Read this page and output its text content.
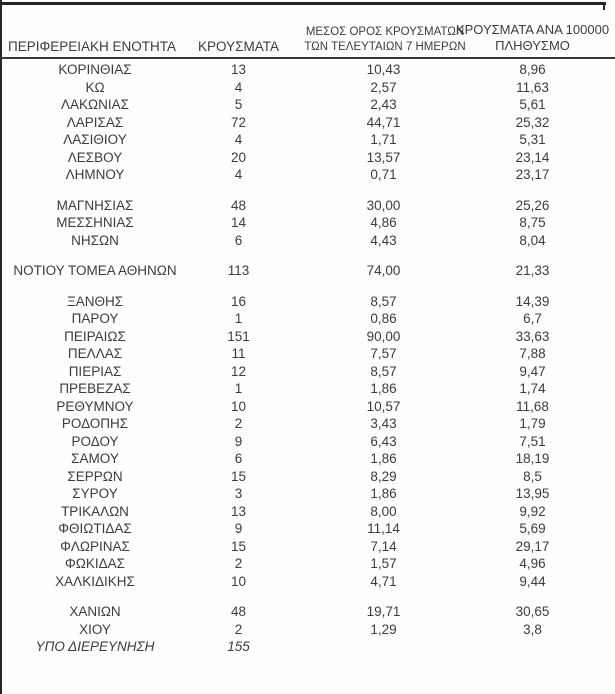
ΠΕΡΙΦΕΡΕΙΑΚΗ ΕΝΟΤΗΤΑ	ΚΡΟΥΣΜΑΤΑ
ΜΕΣΟΣ ΟΡΟΣ ΚΡΟΥΣΜΑΤΩΝ
ΤΩΝ ΤΕΛΕΥΤΑΙΩΝ 7 ΗΜΕΡΩΝ
ΚΡΟΥΣΜΑΤΑ ΑΝΑ 100000
ΠΛΗΘΥΣΜΟ
ΚΟΡΙΝΘΙΑΣ	13	10,43	8,96
ΚΩ	4	2,57	11,63
ΛΑΚΩΝΙΑΣ	5	2,43	5,61
ΛΑΡΙΣΑΣ	72	44,71	25,32
ΛΑΣΙΘΙΟΥ	4	1,71	5,31
ΛΕΣΒΟΥ	20	13,57	23,14
ΛΗΜΝΟΥ	4	0,71	23,17
ΜΑΓΝΗΣΙΑΣ	48	30,00	25,26
ΜΕΣΣΗΝΙΑΣ	14	4,86	8,75
ΝΗΣΩΝ	6	4,43	8,04
ΝΟΤΙΟΥ ΤΟΜΕΑ ΑΘΗΝΩΝ	113	74,00	21,33
ΞΑΝΘΗΣ	16	8,57	14,39
ΠΑΡΟΥ	1	0,86	6,7
ΠΕΙΡΑΙΩΣ	151	90,00	33,63
ΠΕΛΛΑΣ	11	7,57	7,88
ΠΙΕΡΙΑΣ	12	8,57	9,47
ΠΡΕΒΕΖΑΣ	1	1,86	1,74
ΡΕΘΥΜΝΟΥ	10	10,57	11,68
ΡΟΔΟΠΗΣ	2	3,43	1,79
ΡΟΔΟΥ	9	6,43	7,51
ΣΑΜΟΥ	6	1,86	18,19
ΣΕΡΡΩΝ	15	8,29	8,5
ΣΥΡΟΥ	3	1,86	13,95
ΤΡΙΚΑΛΩΝ	13	8,00	9,92
ΦΘΙΩΤΙΔΑΣ	9	11,14	5,69
ΦΛΩΡΙΝΑΣ	15	7,14	29,17
ΦΩΚΙΔΑΣ	2	1,57	4,96
ΧΑΛΚΙΔΙΚΗΣ	10	4,71	9,44
ΧΑΝΙΩΝ	48	19,71	30,65
ΧΙΟΥ	2	1,29	3,8
ΥΠΟ ΔΙΕΡΕΥΝΗΣΗ	155
